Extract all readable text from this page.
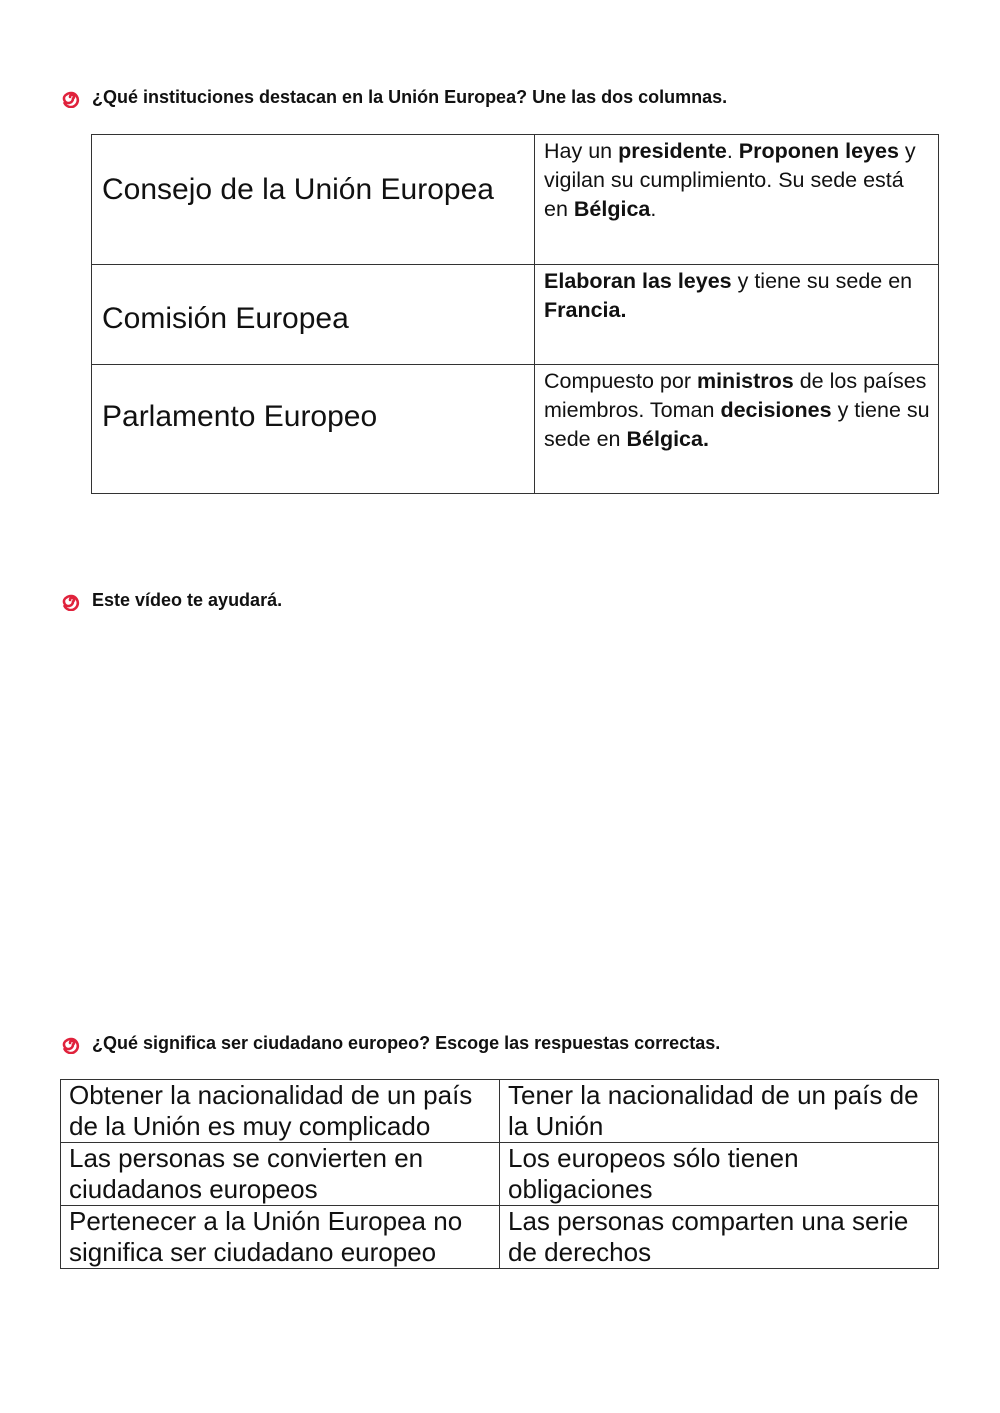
¿Qué instituciones destacan en la Unión Europea? Une las dos columnas.
Consejo de la Unión Europea	Hay un presidente. Proponen leyes y vigilan su cumplimiento. Su sede está en Bélgica.

Comisión Europea	Elaboran las leyes y tiene su sede en Francia.

Parlamento Europeo	Compuesto por ministros de los países miembros. Toman decisiones y tiene su sede en Bélgica.
Este vídeo te ayudará.
¿Qué significa ser ciudadano europeo? Escoge las respuestas correctas.
Obtener la nacionalidad de un país de la Unión es muy complicado	Tener la nacionalidad de un país de la Unión
Las personas se convierten en ciudadanos europeos	Los europeos sólo tienen obligaciones
Pertenecer a la Unión Europea no significa ser ciudadano europeo	Las personas comparten una serie de derechos
